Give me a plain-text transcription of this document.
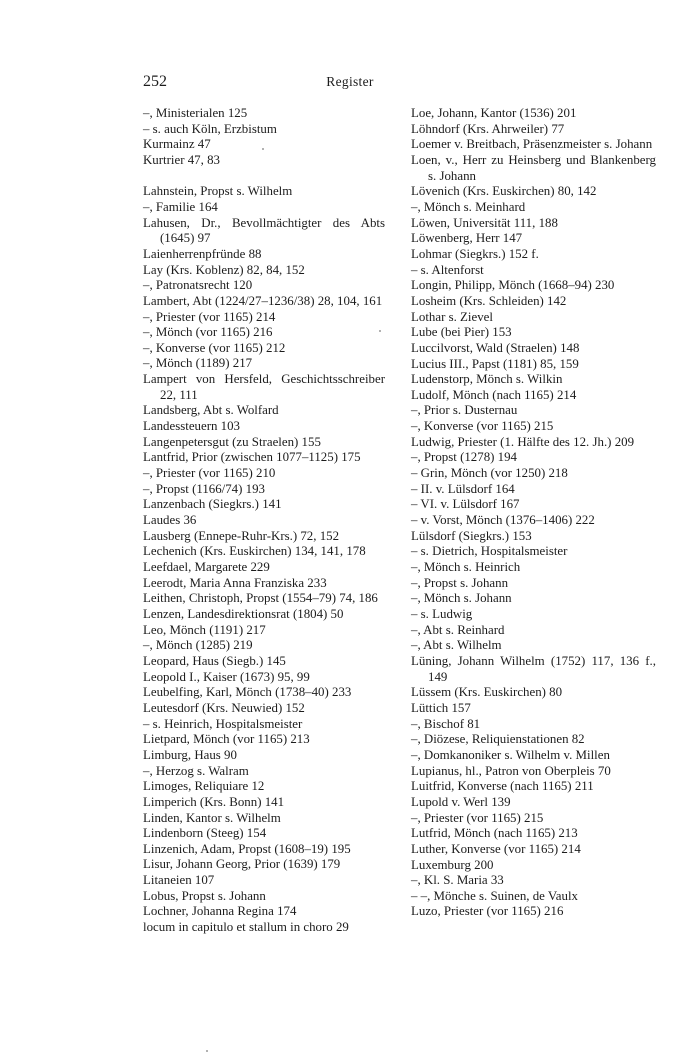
252	Register
–, Ministerialen 125
– s. auch Köln, Erzbistum
Kurmainz 47
Kurtrier 47, 83
Lahnstein, Propst s. Wilhelm
–, Familie 164
Lahusen, Dr., Bevollmächtigter des Abts (1645) 97
Laienherrenpfründe 88
Lay (Krs. Koblenz) 82, 84, 152
–, Patronatsrecht 120
Lambert, Abt (1224/27–1236/38) 28, 104, 161
–, Priester (vor 1165) 214
–, Mönch (vor 1165) 216
–, Konverse (vor 1165) 212
–, Mönch (1189) 217
Lampert von Hersfeld, Geschichtsschreiber 22, 111
Landsberg, Abt s. Wolfard
Landessteuern 103
Langenpetersgut (zu Straelen) 155
Lantfrid, Prior (zwischen 1077–1125) 175
–, Priester (vor 1165) 210
–, Propst (1166/74) 193
Lanzenbach (Siegkrs.) 141
Laudes 36
Lausberg (Ennepe-Ruhr-Krs.) 72, 152
Lechenich (Krs. Euskirchen) 134, 141, 178
Leefdael, Margarete 229
Leerodt, Maria Anna Franziska 233
Leithen, Christoph, Propst (1554–79) 74, 186
Lenzen, Landesdirektionsrat (1804) 50
Leo, Mönch (1191) 217
–, Mönch (1285) 219
Leopard, Haus (Siegb.) 145
Leopold I., Kaiser (1673) 95, 99
Leubelfing, Karl, Mönch (1738–40) 233
Leutesdorf (Krs. Neuwied) 152
– s. Heinrich, Hospitalsmeister
Lietpard, Mönch (vor 1165) 213
Limburg, Haus 90
–, Herzog s. Walram
Limoges, Reliquiare 12
Limperich (Krs. Bonn) 141
Linden, Kantor s. Wilhelm
Lindenborn (Steeg) 154
Linzenich, Adam, Propst (1608–19) 195
Lisur, Johann Georg, Prior (1639) 179
Litaneien 107
Lobus, Propst s. Johann
Lochner, Johanna Regina 174
locum in capitulo et stallum in choro 29
Loe, Johann, Kantor (1536) 201
Löhndorf (Krs. Ahrweiler) 77
Loemer v. Breitbach, Präsenzmeister s. Johann
Loen, v., Herr zu Heinsberg und Blankenberg s. Johann
Lövenich (Krs. Euskirchen) 80, 142
–, Mönch s. Meinhard
Löwen, Universität 111, 188
Löwenberg, Herr 147
Lohmar (Siegkrs.) 152 f.
– s. Altenforst
Longin, Philipp, Mönch (1668–94) 230
Losheim (Krs. Schleiden) 142
Lothar s. Zievel
Lube (bei Pier) 153
Luccilvorst, Wald (Straelen) 148
Lucius III., Papst (1181) 85, 159
Ludenstorp, Mönch s. Wilkin
Ludolf, Mönch (nach 1165) 214
–, Prior s. Dusternau
–, Konverse (vor 1165) 215
Ludwig, Priester (1. Hälfte des 12. Jh.) 209
–, Propst (1278) 194
– Grin, Mönch (vor 1250) 218
– II. v. Lülsdorf 164
– VI. v. Lülsdorf 167
– v. Vorst, Mönch (1376–1406) 222
Lülsdorf (Siegkrs.) 153
– s. Dietrich, Hospitalsmeister
–, Mönch s. Heinrich
–, Propst s. Johann
–, Mönch s. Johann
– s. Ludwig
–, Abt s. Reinhard
–, Abt s. Wilhelm
Lüning, Johann Wilhelm (1752) 117, 136 f., 149
Lüssem (Krs. Euskirchen) 80
Lüttich 157
–, Bischof 81
–, Diözese, Reliquienstationen 82
–, Domkanoniker s. Wilhelm v. Millen
Lupianus, hl., Patron von Oberpleis 70
Luitfrid, Konverse (nach 1165) 211
Lupold v. Werl 139
–, Priester (vor 1165) 215
Lutfrid, Mönch (nach 1165) 213
Luther, Konverse (vor 1165) 214
Luxemburg 200
–, Kl. S. Maria 33
– –, Mönche s. Suinen, de Vaulx
Luzo, Priester (vor 1165) 216
